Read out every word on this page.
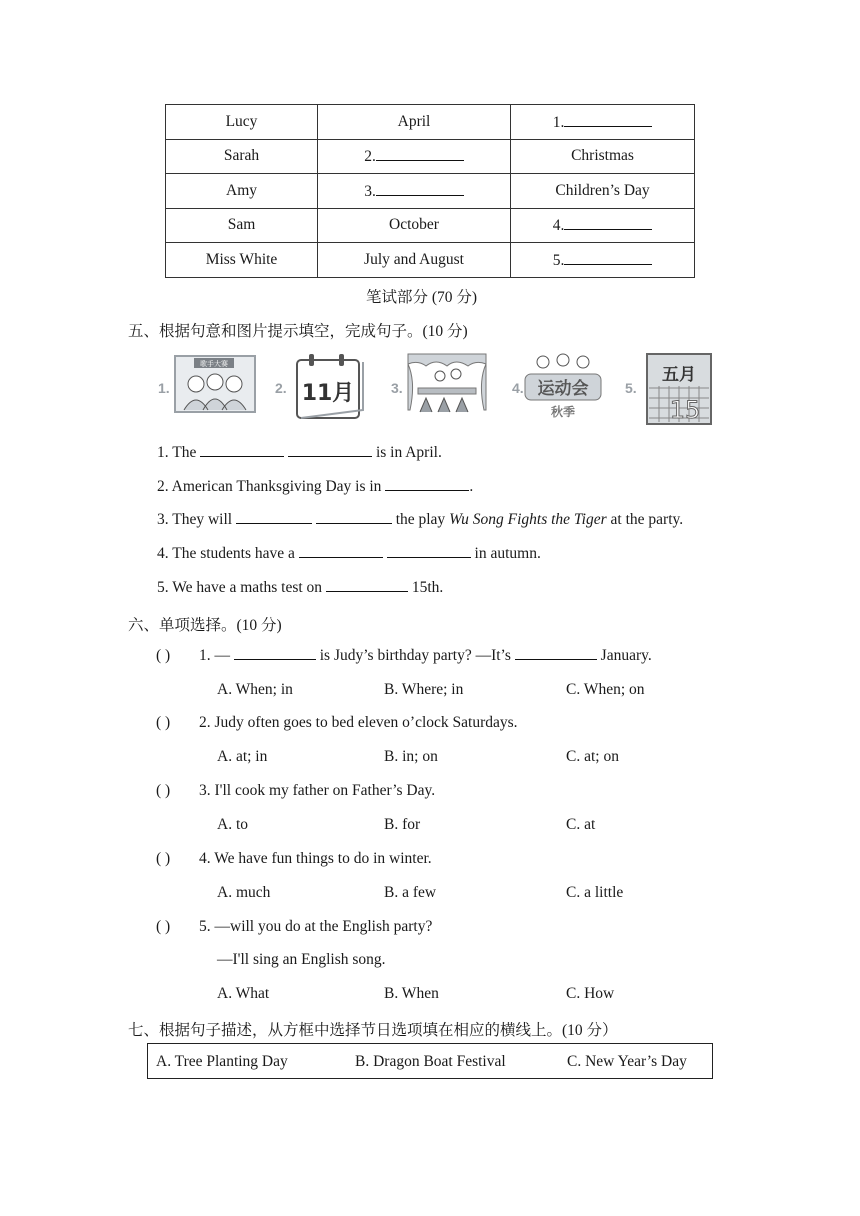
Lucy	April	1.
Sarah	2.	Christmas
Amy	3.	Children’s Day
Sam	October	4.
Miss White	July and August	5.
笔试部分 (70 分)
五、根据句意和图片提示填空，完成句子。(10 分)
1.
歌手大赛
2. 11月	3.	4. 运动会
秋季
5.
五月
15
1. The	is in April.
2. American Thanksgiving Day is in	.
3. They will	the play Wu Song Fights the Tiger at the party.
4. The students have a	in autumn.
5. We have a maths test on	15th.
六、单项选择。(10 分)
( ) 1. —	is Judy’s birthday party? —It’s	January.
A. When; in	B. Where; in	C. When; on
( ) 2. Judy often goes to bed eleven o’clock Saturdays.
A. at; in	B. in; on	C. at; on
( ) 3. I'll cook my father on Father’s Day.
A. to	B. for	C. at
( ) 4. We have fun things to do in winter.
A. much	B. a few	C. a little
( ) 5. —will you do at the English party?
—I'll sing an English song.
A. What	B. When	C. How
七、根据句子描述，从方框中选择节日选项填在相应的横线上。(10 分）
A. Tree Planting Day	B. Dragon Boat Festival	C. New Year’s Day
